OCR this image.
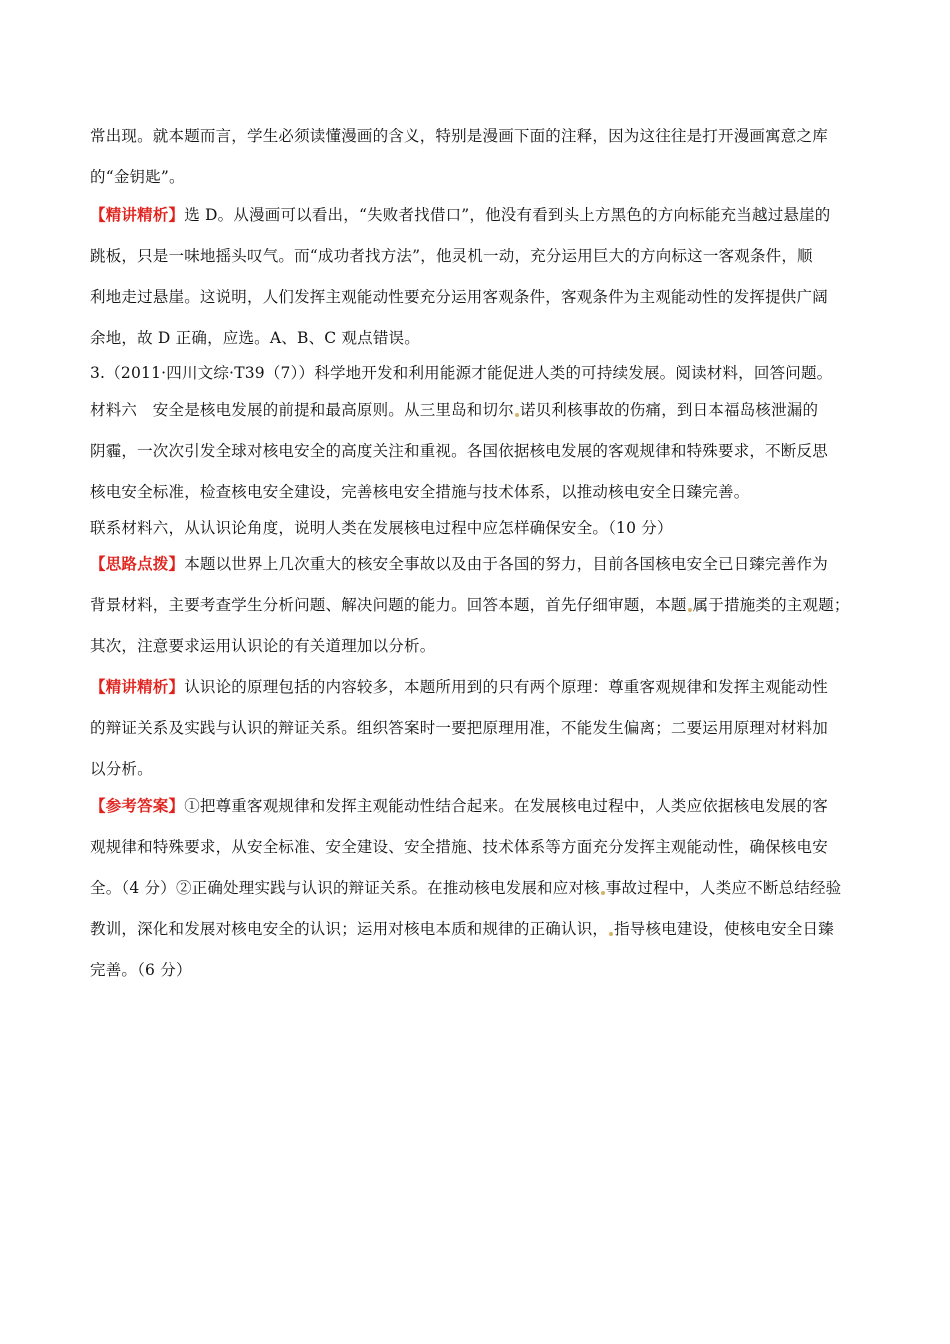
常出现。就本题而言，学生必须读懂漫画的含义，特别是漫画下面的注释，因为这往往是打开漫画寓意之库
的“金钥匙”。
【精讲精析】选 D。从漫画可以看出，“失败者找借口”，他没有看到头上方黑色的方向标能充当越过悬崖的
跳板，只是一味地摇头叹气。而“成功者找方法”，他灵机一动，充分运用巨大的方向标这一客观条件，顺
利地走过悬崖。这说明，人们发挥主观能动性要充分运用客观条件，客观条件为主观能动性的发挥提供广阔
余地，故 D 正确，应选。A、B、C 观点错误。
3.（2011·四川文综·T39（7））科学地开发和利用能源才能促进人类的可持续发展。阅读材料，回答问题。
材料六　安全是核电发展的前提和最高原则。从三里岛和切尔 诺贝利核事故的伤痛，到日本福岛核泄漏的
阴霾，一次次引发全球对核电安全的高度关注和重视。各国依据核电发展的客观规律和特殊要求，不断反思
核电安全标准，检查核电安全建设，完善核电安全措施与技术体系，以推动核电安全日臻完善。
联系材料六，从认识论角度，说明人类在发展核电过程中应怎样确保安全。（10 分）
【思路点拨】本题以世界上几次重大的核安全事故以及由于各国的努力，目前各国核电安全已日臻完善作为
背景材料，主要考查学生分析问题、解决问题的能力。回答本题，首先仔细审题，本题 属于措施类的主观题；
其次，注意要求运用认识论的有关道理加以分析。
【精讲精析】认识论的原理包括的内容较多，本题所用到的只有两个原理：尊重客观规律和发挥主观能动性
的辩证关系及实践与认识的辩证关系。组织答案时一要把原理用准，不能发生偏离；二要运用原理对材料加
以分析。
【参考答案】①把尊重客观规律和发挥主观能动性结合起来。在发展核电过程中，人类应依据核电发展的客
观规律和特殊要求，从安全标准、安全建设、安全措施、技术体系等方面充分发挥主观能动性，确保核电安
全。（4 分）②正确处理实践与认识的辩证关系。在推动核电发展和应对核 事故过程中，人类应不断总结经验
教训，深化和发展对核电安全的认识；运用对核电本质和规律的正确认识， 指导核电建设，使核电安全日臻
完善。（6 分）
